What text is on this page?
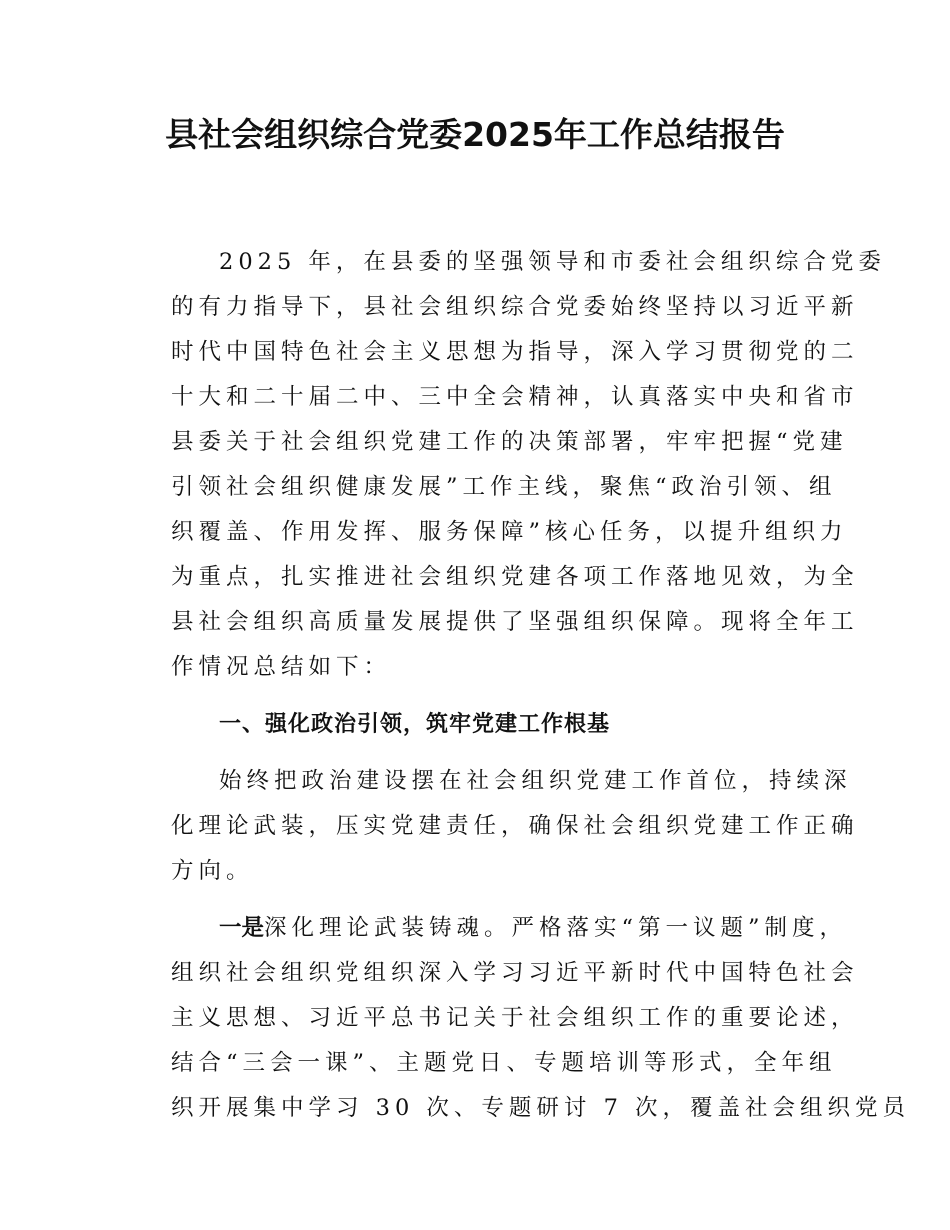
县社会组织综合党委2025年工作总结报告
2025 年，在县委的坚强领导和市委社会组织综合党委
的有力指导下，县社会组织综合党委始终坚持以习近平新
时代中国特色社会主义思想为指导，深入学习贯彻党的二
十大和二十届二中、三中全会精神，认真落实中央和省市
县委关于社会组织党建工作的决策部署，牢牢把握“党建
引领社会组织健康发展”工作主线，聚焦“政治引领、组
织覆盖、作用发挥、服务保障”核心任务，以提升组织力
为重点，扎实推进社会组织党建各项工作落地见效，为全
县社会组织高质量发展提供了坚强组织保障。现将全年工
作情况总结如下：
一、强化政治引领，筑牢党建工作根基
始终把政治建设摆在社会组织党建工作首位，持续深
化理论武装，压实党建责任，确保社会组织党建工作正确
方向。
一是深化理论武装铸魂。严格落实“第一议题”制度，
组织社会组织党组织深入学习习近平新时代中国特色社会
主义思想、习近平总书记关于社会组织工作的重要论述，
结合“三会一课”、主题党日、专题培训等形式，全年组
织开展集中学习 30 次、专题研讨 7 次，覆盖社会组织党员
